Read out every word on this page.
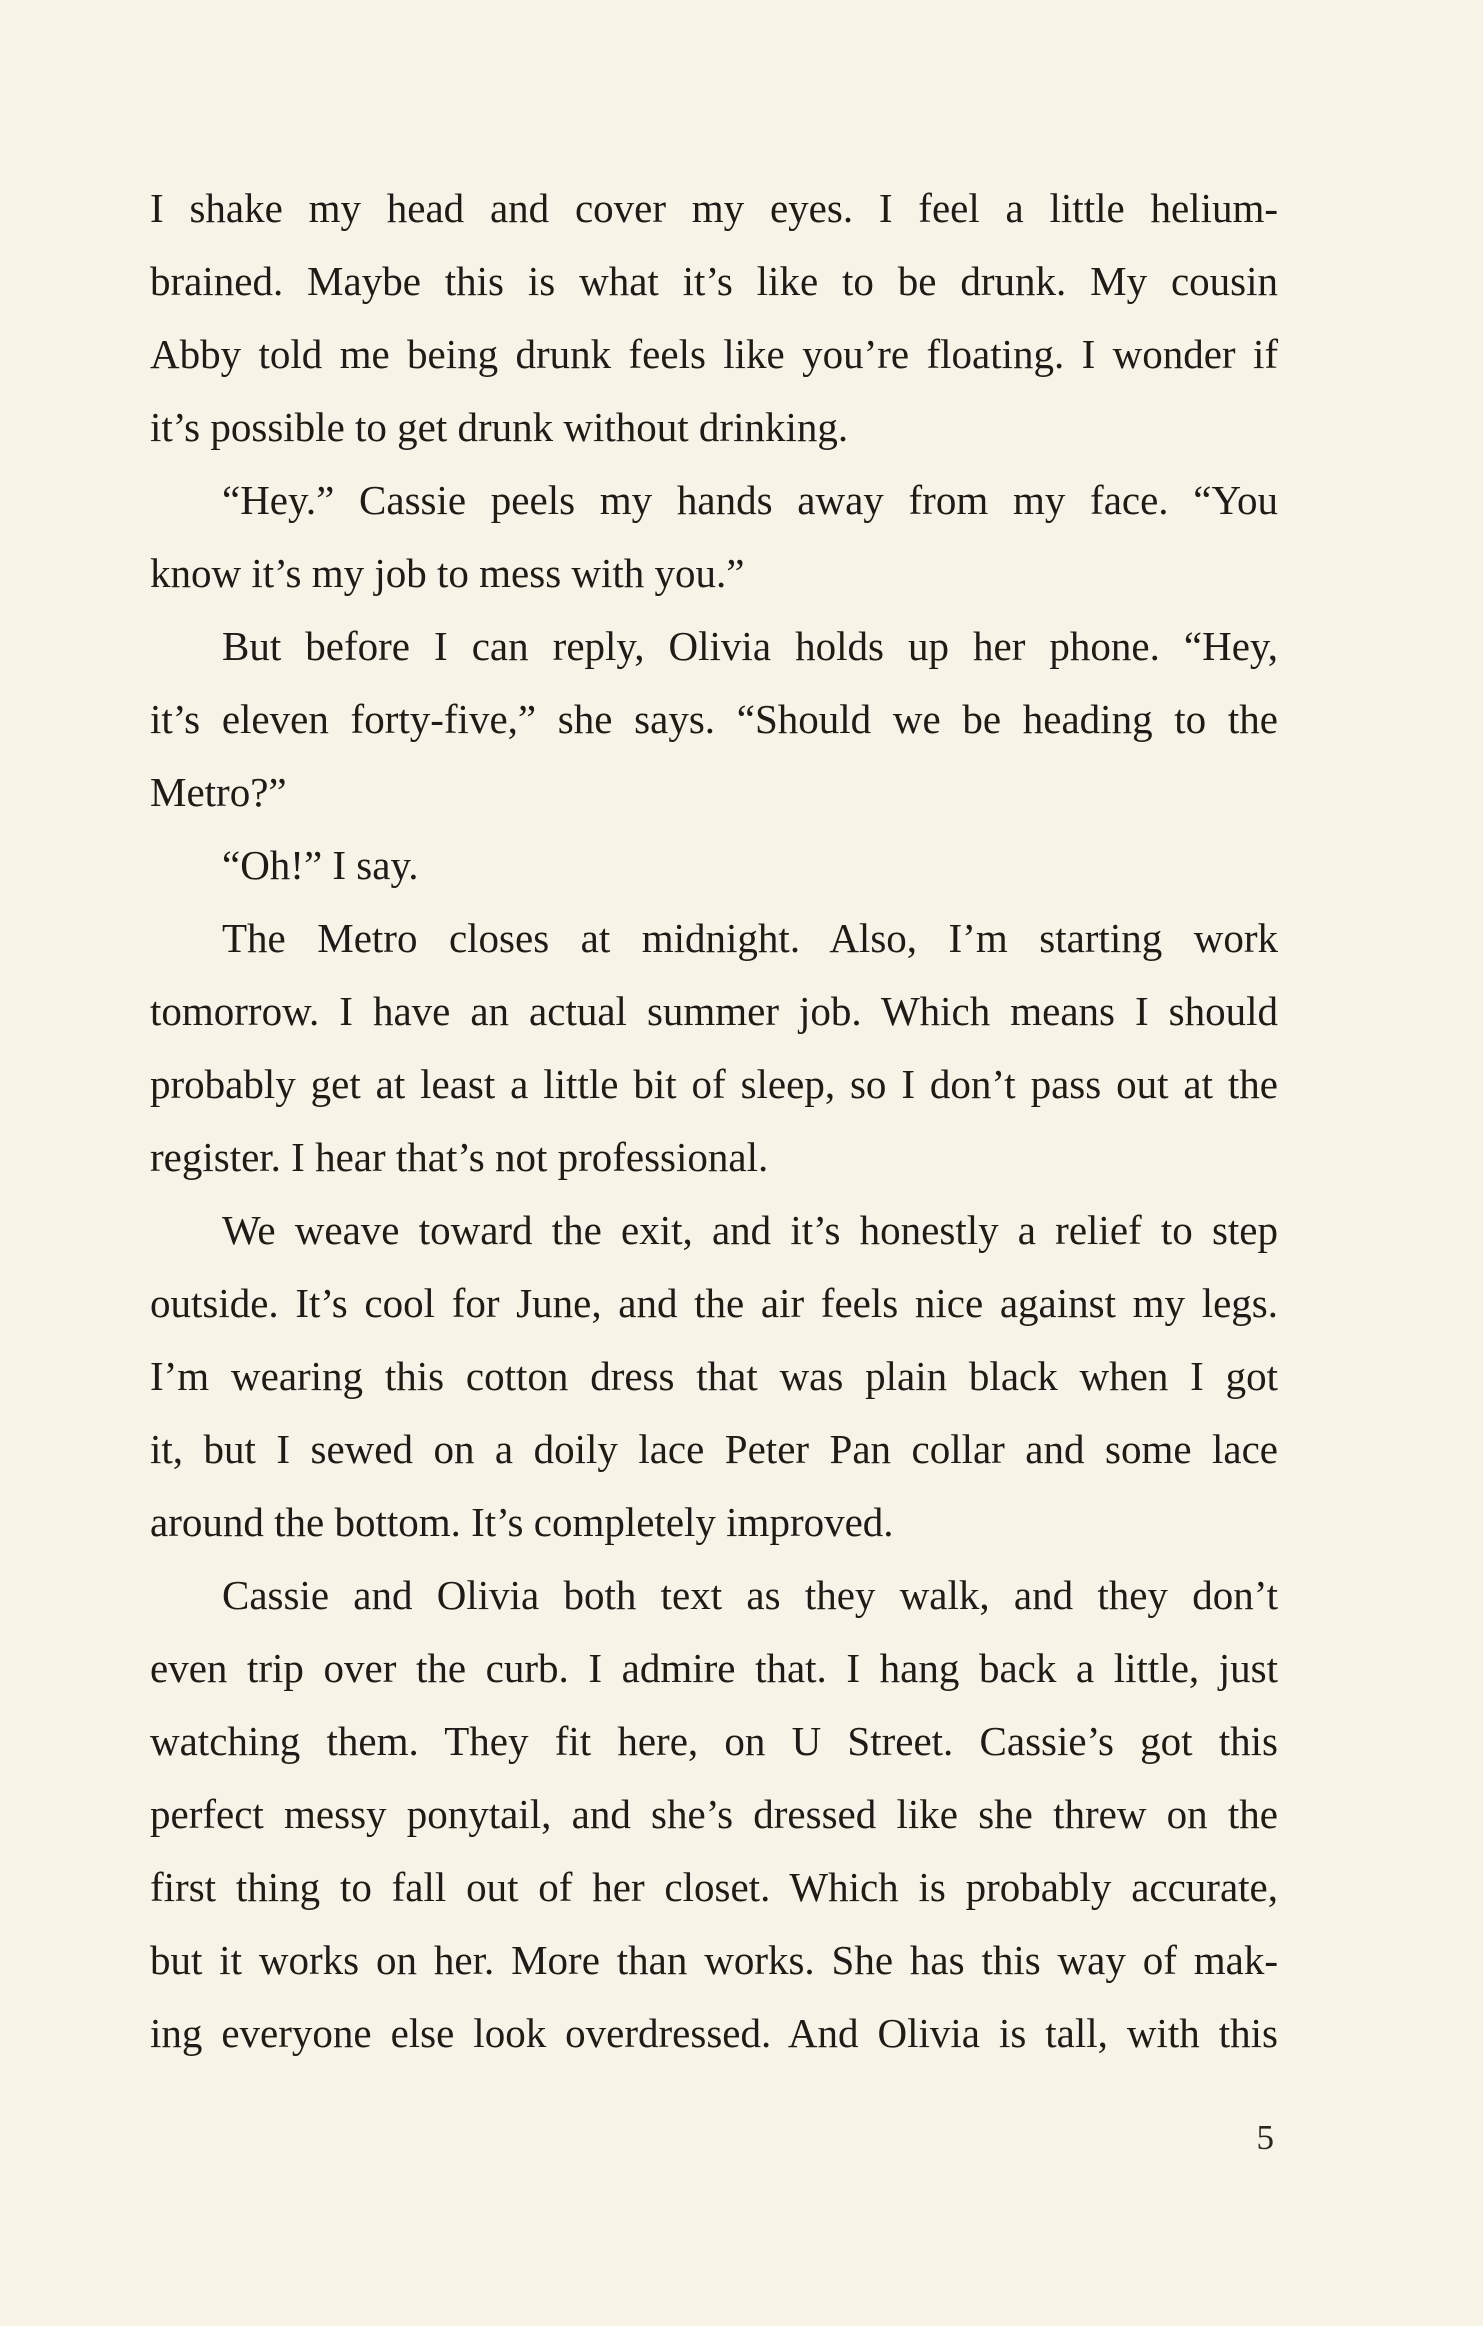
I shake my head and cover my eyes. I feel a little helium-
brained. Maybe this is what it’s like to be drunk. My cousin
Abby told me being drunk feels like you’re floating. I wonder if
it’s possible to get drunk without drinking.
“Hey.” Cassie peels my hands away from my face. “You
know it’s my job to mess with you.”
But before I can reply, Olivia holds up her phone. “Hey,
it’s eleven forty-five,” she says. “Should we be heading to the
Metro?”
“Oh!” I say.
The Metro closes at midnight. Also, I’m starting work
tomorrow. I have an actual summer job. Which means I should
probably get at least a little bit of sleep, so I don’t pass out at the
register. I hear that’s not professional.
We weave toward the exit, and it’s honestly a relief to step
outside. It’s cool for June, and the air feels nice against my legs.
I’m wearing this cotton dress that was plain black when I got
it, but I sewed on a doily lace Peter Pan collar and some lace
around the bottom. It’s completely improved.
Cassie and Olivia both text as they walk, and they don’t
even trip over the curb. I admire that. I hang back a little, just
watching them. They fit here, on U Street. Cassie’s got this
perfect messy ponytail, and she’s dressed like she threw on the
first thing to fall out of her closet. Which is probably accurate,
but it works on her. More than works. She has this way of mak-
ing everyone else look overdressed. And Olivia is tall, with this
5
